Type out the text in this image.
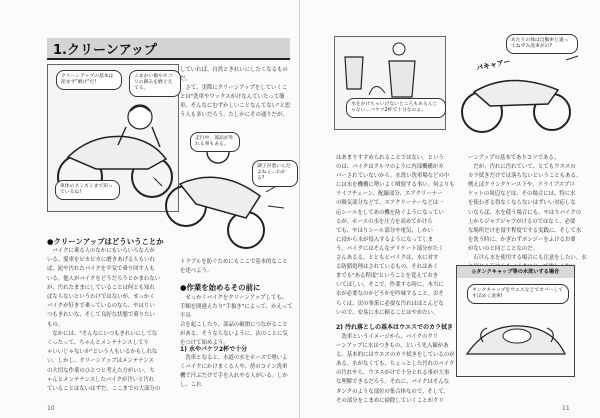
1.クリーンアップ
クリーンアップの基本は泥まず"磨け"だ!
こまかい傷やホコリの跡みを磨ぐえてる。
車体のスミズミまで知っているね!

していれば、自然ときれいにしたくなるもの

だ。

　さて、実際にクリーンアップをしていくこ

とは"洗車やワックスがけなんていたって簡

単、そんなにむずかしいことなんてない"と思

う人も多いだろう。たしかにその通りだが、

走行中、部品が外れる事もある。
調子が悪いんだよねぇ…わかる?
●クリーンアップはどういうことか

　バイクに乗る人のなかにもいろいろな人が

いる。愛車をピカピカに磨きあげる人もいれ

ば、泥や汚れたバイクを平気で乗り回す人も

いる。他人がバイクをどうだろうとかまわない

が、汚れたままにしていることは何とも知れ

ばならないというわけではないが、せっかく

バイクが好きで乗っているのなら、やはりい

つもきれいな、そして良好な状態で乗りたい

もの。

　なかには、"そんなにいつもきれいにしてな

くったって、ちゃんとメンテナンスしてり

ゃいいじゃないか"という人もいるかもしれな

い。しかし、クリーンアップはメンテナンス

の大切な作業のひとつと考えた方がいい。ち

ゃんとメンテナンスしたバイクが汚いと汚れ

ていることはないはずだ。ここまでの大部分の

トラブルを防ぐためにもここで基本的なこと

を述べよう。

●作業を始めるその前に

　せっかくバイクをクリーンアップしても、

手順を間違えたり"手抜き"によって、かえって不具

合を起こしたり、部品の破損につながること

がある。そうならないように、次のことに気

をつけて始めよう。

1) 水やバケツ2杯で十分

　洗車となると、水道の水をホースで勢いよ

くバイクにかけまくる人や、傍のコイン洗車

機で汗ぶだけで手を入れやる人がいる。しかし、これ

10
水をかけちゃいけないところもあるんじゃない…バケツ2杯で十分なのよ。
あたりの体は自動車と違ってねずみ洗車がの?
バキャアー

はあまりすすめられることではない。という

のは、バイクはクルマのように内部機構がカ

バーされていないから。水洗い洗車場などの中

には水を機構に勢いよく噴射する事い。何よりも

ライフチェーン、配線部分、エアクリーナー

の吸気部分などで、エアクリーナーなどは一

応シールをしてあの機を防ぐようになってい

るが、ホースの水を圧力を高めてかけら

ても、やはりシール部分や電気、しかい

に浸から水が侵入するようになってしま

う。バイクにはそんなデリケート部分がたく

さんあるる。とともとバイクは、水に対す

る防錆処理はされているもの、それはあく

までも"ある程度"ということを覚えておき

いてほしい。そこで、作業する時に、本当に

水が必要なのかどうかを吟味すること。おそ

らくは、次の事業に必要な汚れはほとんどな

いので、安易に水に頼ることはやめたい。

2) 汚れ落としの基本はウエスでのカラ拭き

　洗車というイメージから、バイクのクリ

ーンアップに水はつきもの、という先入観があ

る。基本的にはウエスのカラ拭きをしているのが

ある。水がなくても、ちょっとした汚れのバイク

の汚れやら、ウエスがけで十分とれる事が大事

な理解できるだろう。それに、バイクはそんな

タンクのような部位の集合体なので、そして、

その部分をこまめに掃除していくことがクリ

ーンアップの基本でありコツである。

　だが、汚れに汚れていて、とてもウエスの

カラ拭きだけでは落ちないということもある。

例えばクランクケース下や、ドライブスプロ

ケットの周辺などは、その場合には、特に水

を使わざる得なくならないはずいい対応しな

いならば、水を使う場合にも、やはりバイクの

上からジャブジャブがけるのではなく、必要

な場所だけを湿す程度でする実践に、そして水

を洗う時に、かぎわずポンジーをふけるお要

がないのと同じことなのだ。

　石けん水を使用する場合にも注意をしたい。水

◎タンクキャップ等の水洗いする場合
タンクキャップをウエスなどでカバーしてすぼめく洗車!
11
